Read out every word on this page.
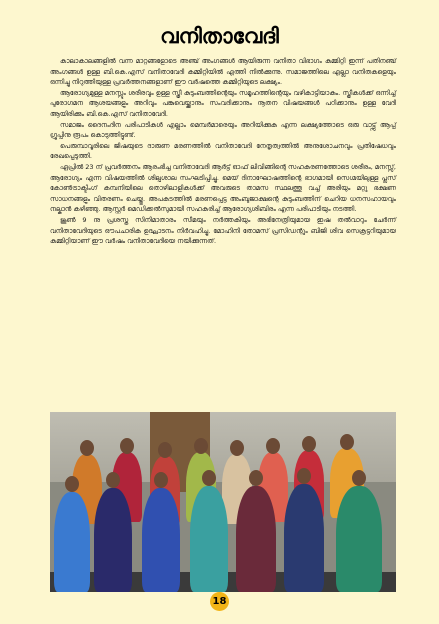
വനിതാവേദി

കാലാകാലങ്ങളിൽ വന്ന മാറ്റങ്ങളോടെ അഞ്ച് അംഗങ്ങൾ ആയിരുന്ന വനിതാ വിഭാഗം കമ്മിറ്റി ഇന്ന് പതിനഞ്ച് അംഗങ്ങൾ ഉള്ള ബി.കെ.എസ് വനിതാവേദി കമ്മിറ്റിയിൽ എത്തി നിൽക്കുന്നു. സമാജത്തിലെ എല്ലാ വനിതകളെയും ഒന്നിച്ചു നിറുത്തിയുള്ള പ്രവർത്തനങ്ങളാണ് ഈ വർഷത്തെ കമ്മിറ്റിയുടെ ലക്ഷ്യം.

ആരോഗ്യമുള്ള മനസ്സും ശരീരവും ഉള്ള സ്ത്രീ കുടുംബത്തിന്റെയും സമൂഹത്തിന്റെയും വഴികാട്ടിയാകും. സ്ത്രീകൾക്ക് ഒന്നിച്ച് പുരോഗമന ആശയങ്ങളും അറിവും പങ്കുവെയ്ക്കാനും സംവദിക്കാനും നൂതന വിഷയങ്ങൾ പഠിക്കാനും ഉള്ള വേദി ആയിരിക്കും ബി.കെ.എസ് വനിതാവേദി.

സമാജം ദൈനംദിന പരിപാടികൾ എല്ലാം മെമ്പർമാരെയും അറിയിക്കുക എന്ന ലക്ഷ്യത്തോടെ ഒരു വാട്ട്സ് ആപ്പ് ഗ്രൂപ്പിനു രൂപം കൊടുത്തിട്ടുണ്ട്.

പെരുമ്പാവൂരിലെ ജിഷയുടെ ദാരുണ മരണത്തിൽ വനിതാവേദി നേതൃത്വത്തിൽ അനുശോചനവും പ്രതിഷേധവും രേഖപ്പെടുത്തി.

ഏപ്രിൽ 23 ന് പ്രവർത്തനം ആരംഭിച്ച വനിതാവേദി ആർട്ട് ഓഫ് ലിവിങ്ങിന്റെ സഹകരണത്തോടെ ശരീരം, മനസ്സ്, ആരോഗ്യം എന്ന വിഷയത്തിൽ ശില്പശാല സംഘടിപ്പിച്ചു. മെയ് ദിനാഘോഷത്തിന്റെ ഭാഗമായി സെഗ്മയിലുള്ള പ്ലസ് കോൺട്രാക്ടിംഗ് കമ്പനിയിലെ തൊഴിലാളികൾക്ക് അവരുടെ താമസ സ്ഥലത്തു വച്ച് അരിയും മറ്റു ഭക്ഷണ സാധനങ്ങളും വിതരണം ചെയ്തു. അപകടത്തിൽ മരണപ്പെട്ട അംബുജാക്ഷന്റെ കുടുംബത്തിന് ചെറിയ ധനസഹായവും നല്കാൻ കഴിഞ്ഞു. ആസ്റ്റർ മെഡിക്കൽസുമായി സഹകരിച്ച് ആരോഗ്യശിബിരം എന്ന പരിപാടിയും നടത്തി.

ജൂൺ 9 നു പ്രശസ്ത സിനിമാതാരം സീമയും നർത്തകിയും അഭിനേത്രിയുമായ ഇഷ തൽവാറും ചേർന്ന് വനിതാവേദിയുടെ ഔപചാരിക ഉദ്ഘാടനം നിർവഹിച്ചു. മോഹിനി തോമസ് പ്രസിഡന്റും ബിജി ശിവ സെക്രട്ടറിയുമായ കമ്മിറ്റിയാണ് ഈ വർഷം വനിതാവേദിയെ നയിക്കുന്നത്.

18
